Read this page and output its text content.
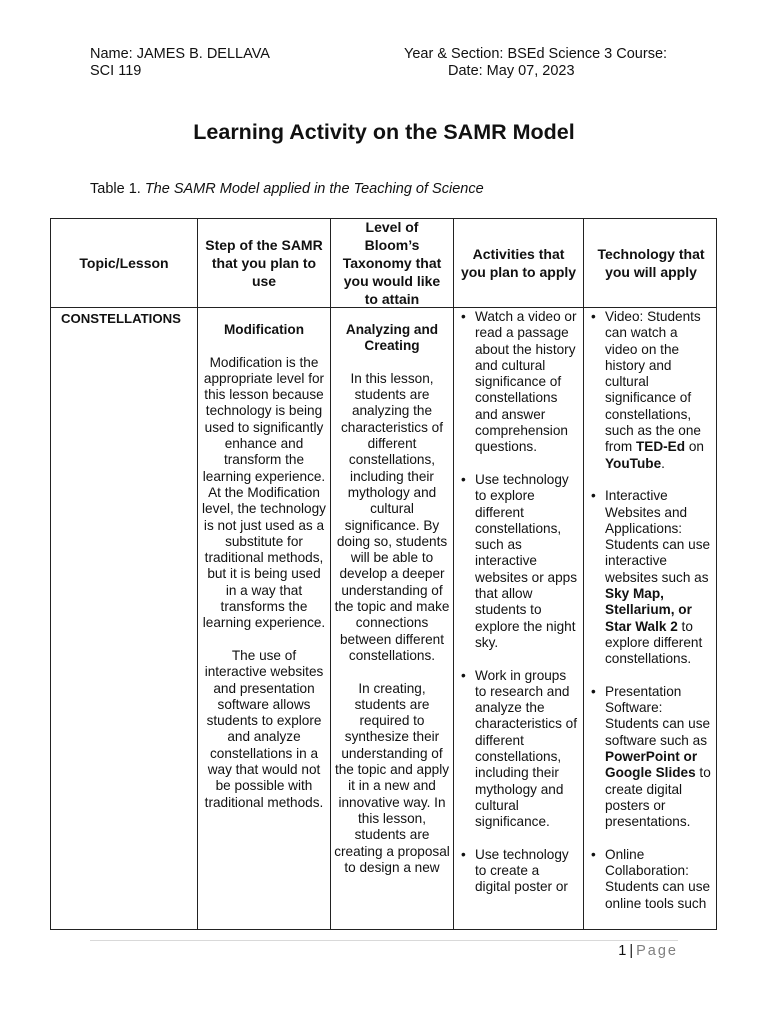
Name: JAMES B. DELLAVA	Year & Section: BSEd Science 3 Course:
SCI 119	Date: May 07, 2023
Learning Activity on the SAMR Model
Table 1. The SAMR Model applied in the Teaching of Science
Topic/Lesson
Step of the SAMR that you plan to use
Level of Bloom’s Taxonomy that you would like to attain
Activities that you plan to apply
Technology that you will apply
CONSTELLATIONS
Modification
Modification is the appropriate level for this lesson because technology is being used to significantly enhance and transform the learning experience. At the Modification level, the technology is not just used as a substitute for traditional methods, but it is being used in a way that transforms the learning experience.
The use of interactive websites and presentation software allows students to explore and analyze constellations in a way that would not be possible with traditional methods.
Analyzing and Creating
In this lesson, students are analyzing the characteristics of different constellations, including their mythology and cultural significance. By doing so, students will be able to develop a deeper understanding of the topic and make connections between different constellations.
In creating, students are required to synthesize their understanding of the topic and apply it in a new and innovative way. In this lesson, students are creating a proposal to design a new
• Watch a video or read a passage about the history and cultural significance of constellations and answer comprehension questions.
• Use technology to explore different constellations, such as interactive websites or apps that allow students to explore the night sky.
• Work in groups to research and analyze the characteristics of different constellations, including their mythology and cultural significance.
• Use technology to create a digital poster or
• Video: Students can watch a video on the history and cultural significance of constellations, such as the one from TED-Ed on YouTube.
• Interactive Websites and Applications: Students can use interactive websites such as Sky Map, Stellarium, or Star Walk 2 to explore different constellations.
• Presentation Software: Students can use software such as PowerPoint or Google Slides to create digital posters or presentations.
• Online Collaboration: Students can use online tools such
1 | Page
